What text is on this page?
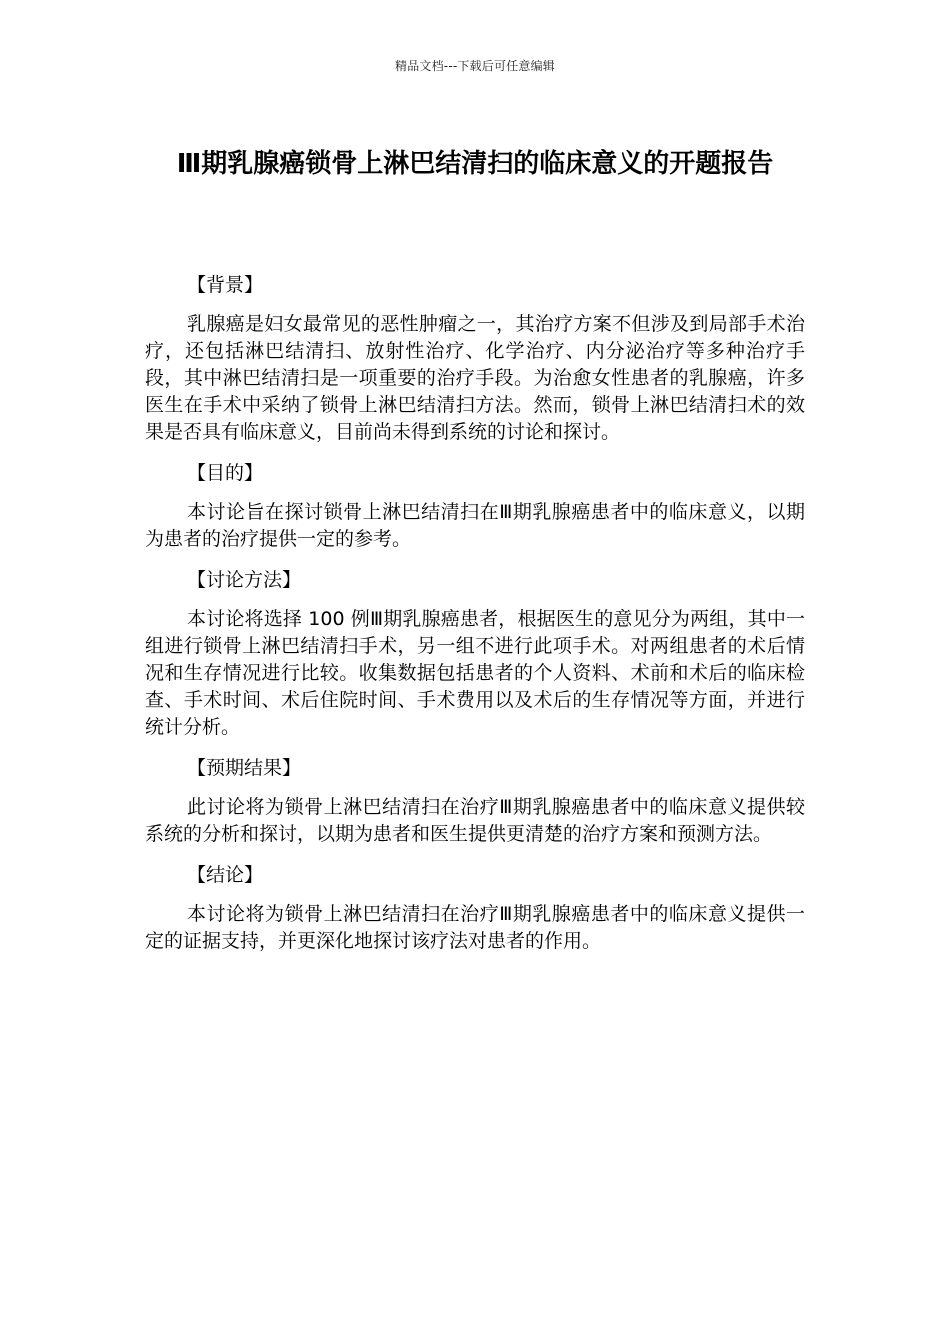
精品文档---下载后可任意编辑
Ⅲ期乳腺癌锁骨上淋巴结清扫的临床意义的开题报告

【背景】

乳腺癌是妇女最常见的恶性肿瘤之一，其治疗方案不但涉及到局部手术治疗，还包括淋巴结清扫、放射性治疗、化学治疗、内分泌治疗等多种治疗手段，其中淋巴结清扫是一项重要的治疗手段。为治愈女性患者的乳腺癌，许多医生在手术中采纳了锁骨上淋巴结清扫方法。然而，锁骨上淋巴结清扫术的效果是否具有临床意义，目前尚未得到系统的讨论和探讨。

【目的】

本讨论旨在探讨锁骨上淋巴结清扫在Ⅲ期乳腺癌患者中的临床意义，以期为患者的治疗提供一定的参考。

【讨论方法】

本讨论将选择 100 例Ⅲ期乳腺癌患者，根据医生的意见分为两组，其中一组进行锁骨上淋巴结清扫手术，另一组不进行此项手术。对两组患者的术后情况和生存情况进行比较。收集数据包括患者的个人资料、术前和术后的临床检查、手术时间、术后住院时间、手术费用以及术后的生存情况等方面，并进行统计分析。

【预期结果】

此讨论将为锁骨上淋巴结清扫在治疗Ⅲ期乳腺癌患者中的临床意义提供较系统的分析和探讨，以期为患者和医生提供更清楚的治疗方案和预测方法。

【结论】

本讨论将为锁骨上淋巴结清扫在治疗Ⅲ期乳腺癌患者中的临床意义提供一定的证据支持，并更深化地探讨该疗法对患者的作用。
